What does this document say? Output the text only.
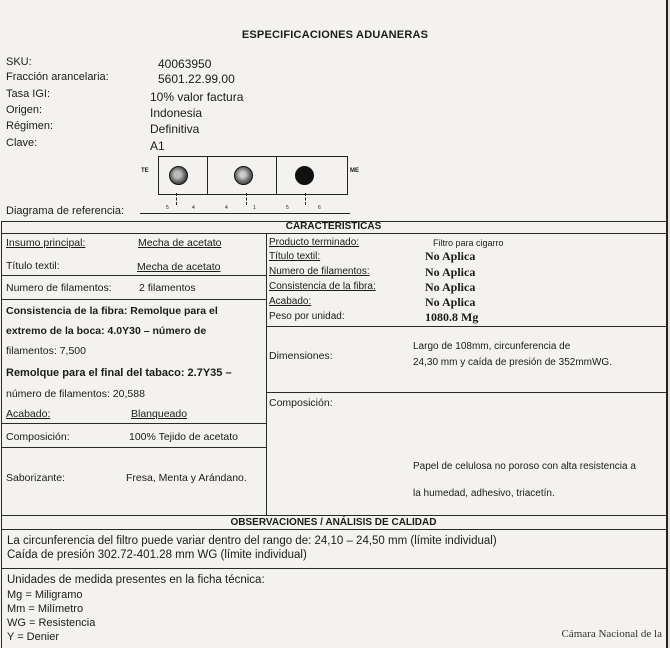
ESPECIFICACIONES ADUANERAS
SKU:	40063950
Fracción arancelaria:	5601.22.99.00
Tasa IGI:	10% valor factura
Origen:	Indonesia
Régimen:	Definitiva
Clave:	A1
TE	ME
5	4	4	1	5	6
Diagrama de referencia:
CARACTERISTICAS
Insumo principal:	Mecha de acetato
Título textil:	Mecha de acetato
Numero de filamentos:	2 filamentos
Consistencia de la fibra: Remolque para el
extremo de la boca: 4.0Y30 – número de
filamentos: 7,500
Remolque para el final del tabaco: 2.7Y35 –
número de filamentos: 20,588
Acabado:	Blanqueado
Composición:	100% Tejido de acetato
Saborizante:	Fresa, Menta y Arándano.
Producto terminado:	Filtro para cigarro
Título textil:	No Aplica
Numero de filamentos:	No Aplica
Consistencia de la fibra:	No Aplica
Acabado:	No Aplica
Peso por unidad:	1080.8 Mg
Dimensiones:
Largo de 108mm, circunferencia de
24,30 mm y caída de presión de 352mmWG.
Composición:
Papel de celulosa no poroso con alta resistencia a
la humedad, adhesivo, triacetín.
OBSERVACIONES / ANÁLISIS DE CALIDAD
La circunferencia del filtro puede variar dentro del rango de: 24,10 – 24,50 mm (límite individual)
Caída de presión 302.72-401.28 mm WG (límite individual)
Unidades de medida presentes en la ficha técnica:
Mg = Miligramo
Mm = Milímetro
WG = Resistencia
Y = Denier	Cámara Nacional de la
